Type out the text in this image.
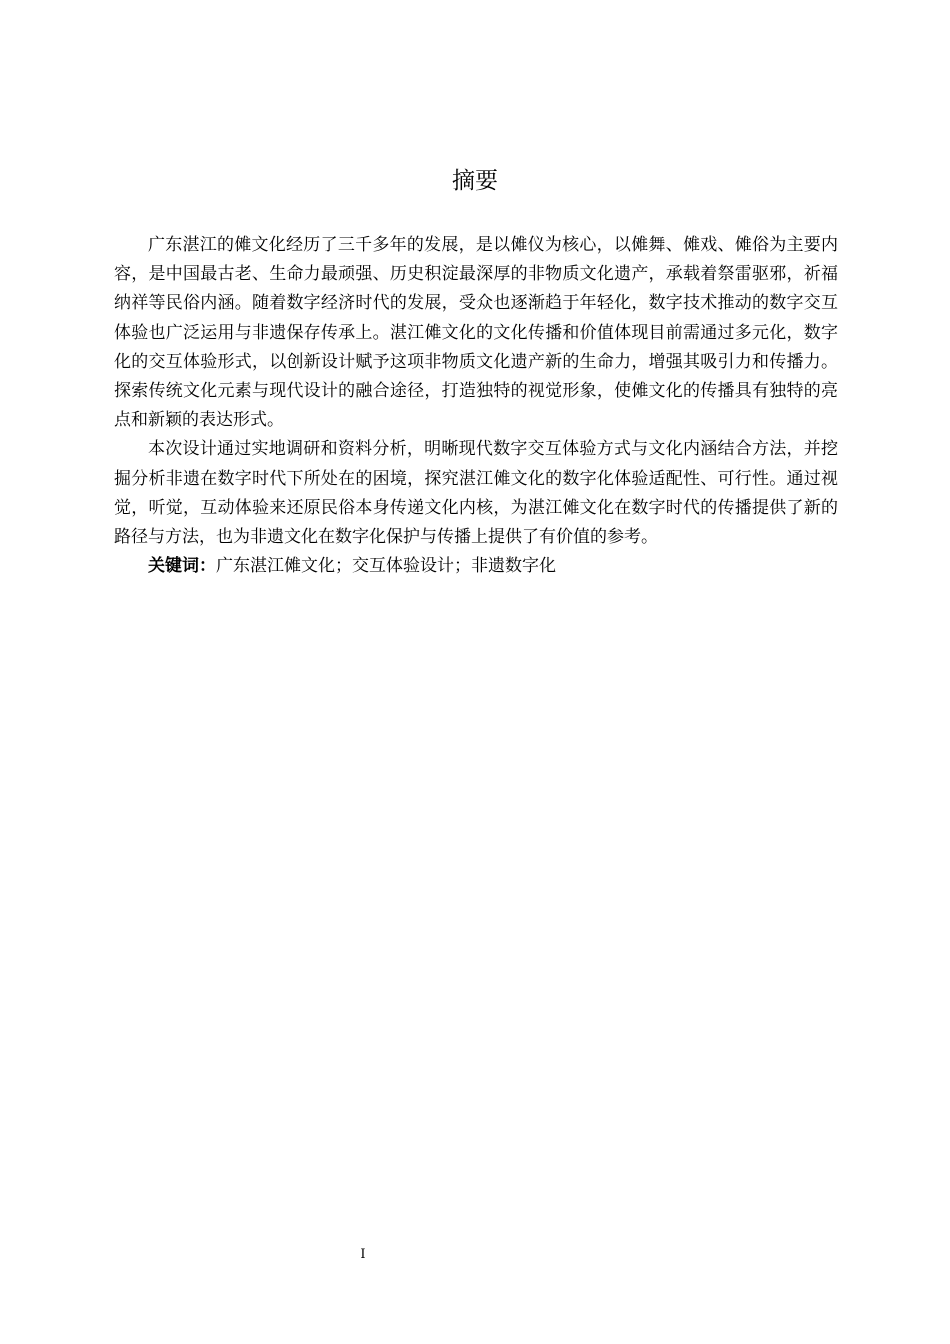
摘要

广东湛江的傩文化经历了三千多年的发展，是以傩仪为核心，以傩舞、傩戏、傩俗为主要内容，是中国最古老、生命力最顽强、历史积淀最深厚的非物质文化遗产，承载着祭雷驱邪，祈福纳祥等民俗内涵。随着数字经济时代的发展，受众也逐渐趋于年轻化，数字技术推动的数字交互体验也广泛运用与非遗保存传承上。湛江傩文化的文化传播和价值体现目前需通过多元化，数字化的交互体验形式，以创新设计赋予这项非物质文化遗产新的生命力，增强其吸引力和传播力。探索传统文化元素与现代设计的融合途径，打造独特的视觉形象，使傩文化的传播具有独特的亮点和新颖的表达形式。

本次设计通过实地调研和资料分析，明晰现代数字交互体验方式与文化内涵结合方法，并挖掘分析非遗在数字时代下所处在的困境，探究湛江傩文化的数字化体验适配性、可行性。通过视觉，听觉，互动体验来还原民俗本身传递文化内核，为湛江傩文化在数字时代的传播提供了新的路径与方法，也为非遗文化在数字化保护与传播上提供了有价值的参考。

关键词：广东湛江傩文化；交互体验设计；非遗数字化

I
